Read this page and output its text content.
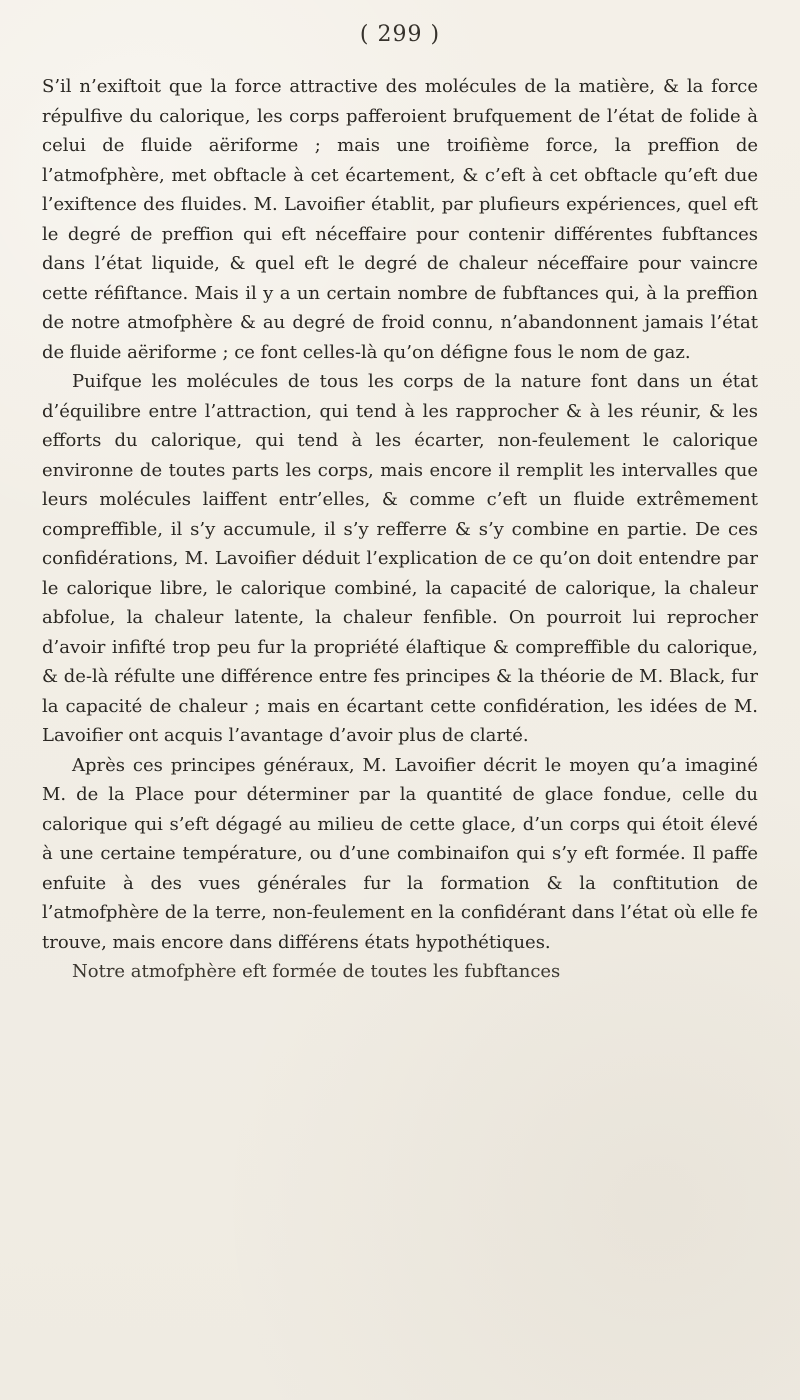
( 299 )

S’il n’exiftoit que la force attractive des molécules de la matière, & la force répulfive du calorique, les corps pafferoient brufquement de l’état de folide à celui de fluide aëriforme ; mais une troifième force, la preffion de l’atmofphère, met obftacle à cet écartement, & c’eft à cet obftacle qu’eft due l’exiftence des fluides. M. Lavoifier établit, par plufieurs expériences, quel eft le degré de preffion qui eft néceffaire pour contenir différentes fubftances dans l’état liquide, & quel eft le degré de chaleur néceffaire pour vaincre cette réfiftance. Mais il y a un certain nombre de fubftances qui, à la preffion de notre atmofphère & au degré de froid connu, n’abandonnent jamais l’état de fluide aëriforme ; ce font celles-là qu’on défigne fous le nom de gaz.

Puifque les molécules de tous les corps de la nature font dans un état d’équilibre entre l’attraction, qui tend à les rapprocher & à les réunir, & les efforts du calorique, qui tend à les écarter, non-feulement le calorique environne de toutes parts les corps, mais encore il remplit les intervalles que leurs molécules laiffent entr’elles, & comme c’eft un fluide extrêmement compreffible, il s’y accumule, il s’y refferre & s’y combine en partie. De ces confidérations, M. Lavoifier déduit l’explication de ce qu’on doit entendre par le calorique libre, le calorique combiné, la capacité de calorique, la chaleur abfolue, la chaleur latente, la chaleur fenfible. On pourroit lui reprocher d’avoir infifté trop peu fur la propriété élaftique & compreffible du calorique, & de-là réfulte une différence entre fes principes & la théorie de M. Black, fur la capacité de chaleur ; mais en écartant cette confidération, les idées de M. Lavoifier ont acquis l’avantage d’avoir plus de clarté.

Après ces principes généraux, M. Lavoifier décrit le moyen qu’a imaginé M. de la Place pour déterminer par la quantité de glace fondue, celle du calorique qui s’eft dégagé au milieu de cette glace, d’un corps qui étoit élevé à une certaine température, ou d’une combinaifon qui s’y eft formée. Il paffe enfuite à des vues générales fur la formation & la conftitution de l’atmofphère de la terre, non-feulement en la confidérant dans l’état où elle fe trouve, mais encore dans différens états hypothétiques.

Notre atmofphère eft formée de toutes les fubftances
